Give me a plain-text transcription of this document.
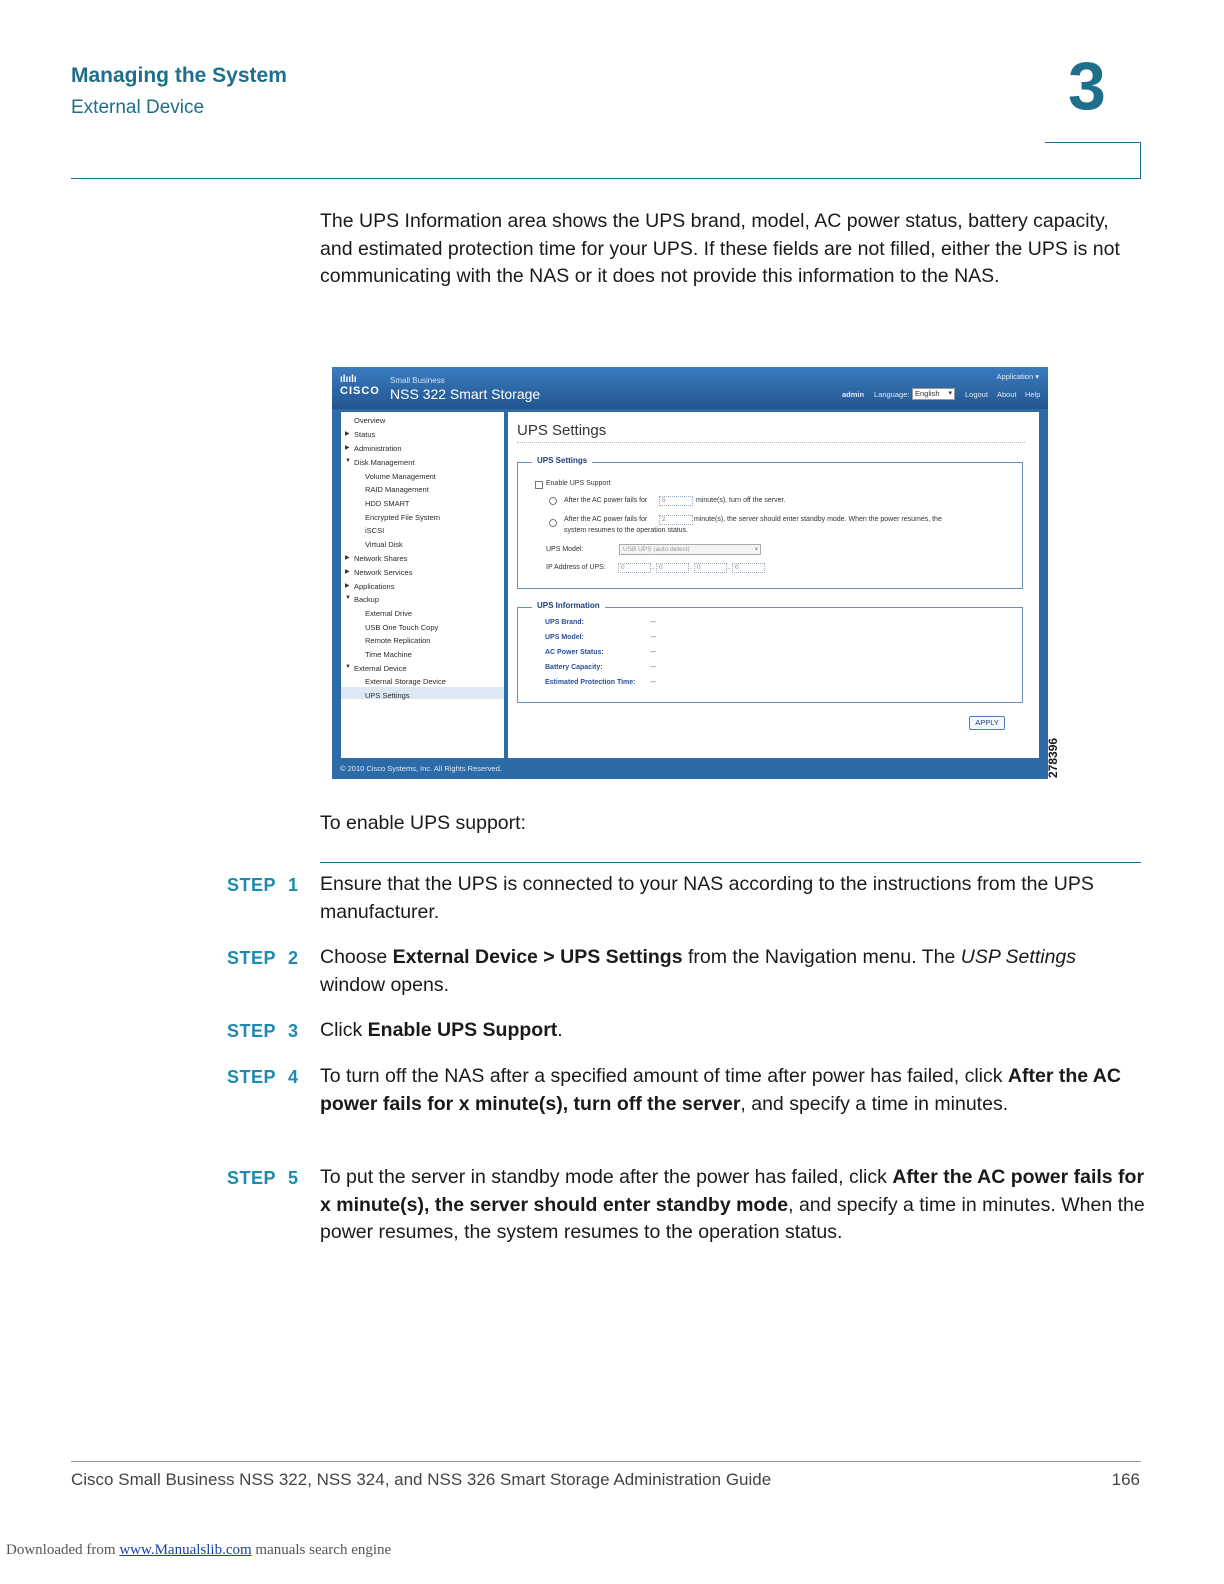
Managing the System
External Device	3
The UPS Information area shows the UPS brand, model, AC power status, battery capacity, and estimated protection time for your UPS. If these fields are not filled, either the UPS is not communicating with the NAS or it does not provide this information to the NAS.
ılıılı
CISCO
Small Business
NSS 322 Smart Storage
Application ▾
admin Language: English ▾ Logout About Help
Overview
▶ Status
▶ Administration
▼ Disk Management
Volume Management
RAID Management
HDD SMART
Encrypted File System
iSCSI
Virtual Disk
▶ Network Shares
▶ Network Services
▶ Applications
▼ Backup
External Drive
USB One Touch Copy
Remote Replication
Time Machine
▼ External Device
External Storage Device
UPS Settings
UPS Settings
UPS Settings
Enable UPS Support
After the AC power fails for	5	minute(s), turn off the server.
After the AC power fails for	2	minute(s), the server should enter standby mode. When the power resumes, the
system resumes to the operation status.
UPS Model:	USB UPS (auto detect)	▾
IP Address of UPS:	0	. 0	. 0	. 0
UPS Information
UPS Brand:	--
UPS Model:	--
AC Power Status:	--
Battery Capacity:	--
Estimated Protection Time: --
APPLY
© 2010 Cisco Systems, Inc. All Rights Reserved.	278396
To enable UPS support:
STEP 1 Ensure that the UPS is connected to your NAS according to the instructions from the UPS manufacturer.
STEP 2 Choose External Device > UPS Settings from the Navigation menu. The USP Settings window opens.
STEP 3 Click Enable UPS Support.
STEP 4 To turn off the NAS after a specified amount of time after power has failed, click After the AC power fails for x minute(s), turn off the server, and specify a time in minutes.
STEP 5 To put the server in standby mode after the power has failed, click After the AC power fails for x minute(s), the server should enter standby mode, and specify a time in minutes. When the power resumes, the system resumes to the operation status.
Cisco Small Business NSS 322, NSS 324, and NSS 326 Smart Storage Administration Guide	166
Downloaded from www.Manualslib.com manuals search engine
